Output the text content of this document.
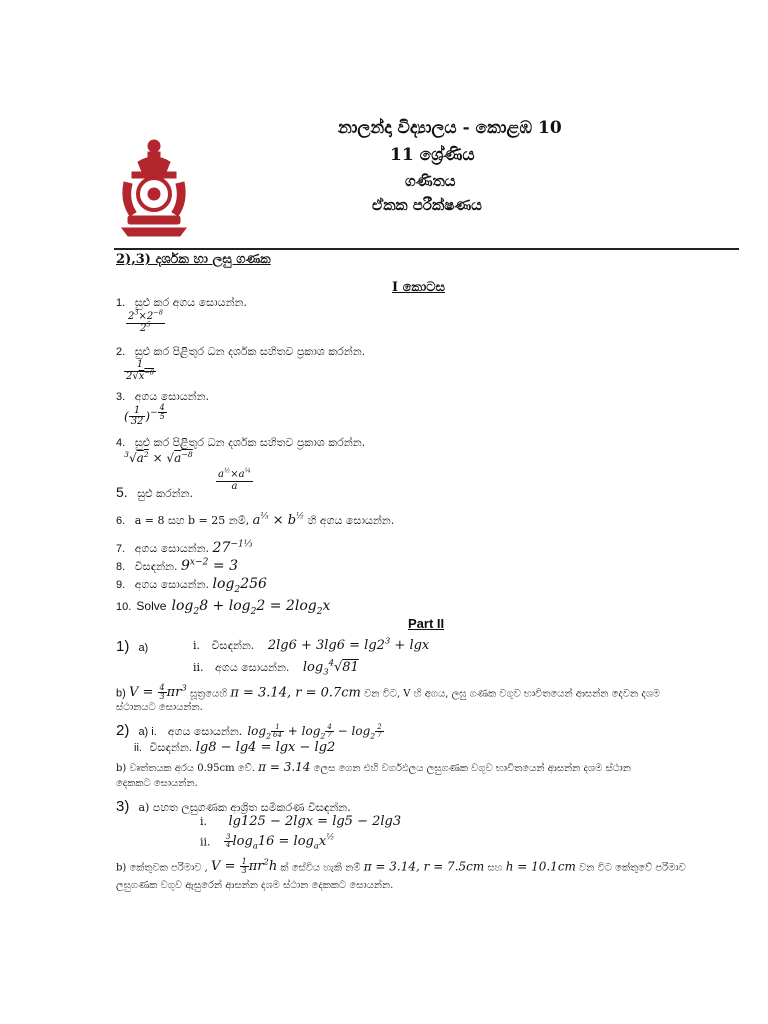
නාලන්දා විද්‍යාලය - කොළඹ 10
11 ශ්‍රේණිය
ගණිතය
ඒකක පරීක්ෂණය
2),3) දර්ශක හා ලඝු ගණක
I කොටස
1. සුළු කර අගය සොයන්න.
$\frac{2^3\times 2^{-8}}{2^5}$
2. සුළු කර පිළිතුර ධන දර්ශක සහිතව ප්‍රකාශ කරන්න.
$\frac{1}{2√x^{-8}}$
3. අගය සොයන්න.
( $\frac{1}{32} )^{- \frac{4}{5}}$
4. සුළු කර පිළිතුර ධන දර්ශක සහිතව ප්‍රකාශ කරන්න.
$^3√a^2 \times √a^{-8}$
5. සුළු කරන්න.
$\frac{a^{\frac{1}{2}}\times a^{\frac{1}{4}}}{a}$
6. a = 8 සහ b = 25 නම්, $a^{\frac{1}{3}} \times b^{\frac{1}{2}}$ හි අගය සොයන්න.
7. අගය සොයන්න. $27^{-1\frac{1}{3}}$
8. විසඳන්න. $9^{x-2} = 3$
9. අගය සොයන්න. $\log_2256$
10. Solve $\log_28 + \log_22 = 2\log_2x$
Part II
1) a)	i. විසඳන්න. $2\lg 6 + 3\lg 6 = \lg 2^3 + \lg x$
ii. අගය සොයන්න. $\log_3^4√81$
b) $V = \frac{4}{3} \pi r^3$ සූත්‍රයෙහි π = 3.14, r = 0.7cm වන විට, V හි අගය, ලඝු ගණක වගුව භාවිතයෙන් ආසන්න දෙවන දශම
ස්ථානයට සොයන්න.
2) a) i. අගය සොයන්න. $\log_2 \frac{1}{64} + \log_2 \frac{4}{7} - \log_2 \frac{2}{7}$
ii. විසඳන්න. lg8 − lg4 = lgx − lg2
b) වෘත්තයක අරය 0.95cm වේ. π = 3.14 ලෙස ගෙන එහි වර්ගඵලය ලඝුගණක වගුව භාවිතයෙන් ආසන්න දශම ස්ථාන
දෙකකට සොයන්න.
3) a) පහත ලඝුගණක ආශ්‍රිත සමීකරණ විසඳන්න.
i. lg125 − 2lgx = lg5 − 2lg3
ii. $\frac{3}{4} \log_a16 = \log_ax^{\frac{1}{2}}$
b) කේතුවක පරිමාව , $V = \frac{1}{3} \pi r^2h$ ක් සේවිය හැකි නම් π = 3.14, r = 7.5cm සහ h = 10.1cm වන විට කේතුවේ පරිමාව
ලඝුගණක වගුව ඇසුරෙන් ආසන්න දශම ස්ථාන දෙකකට සොයන්න.
